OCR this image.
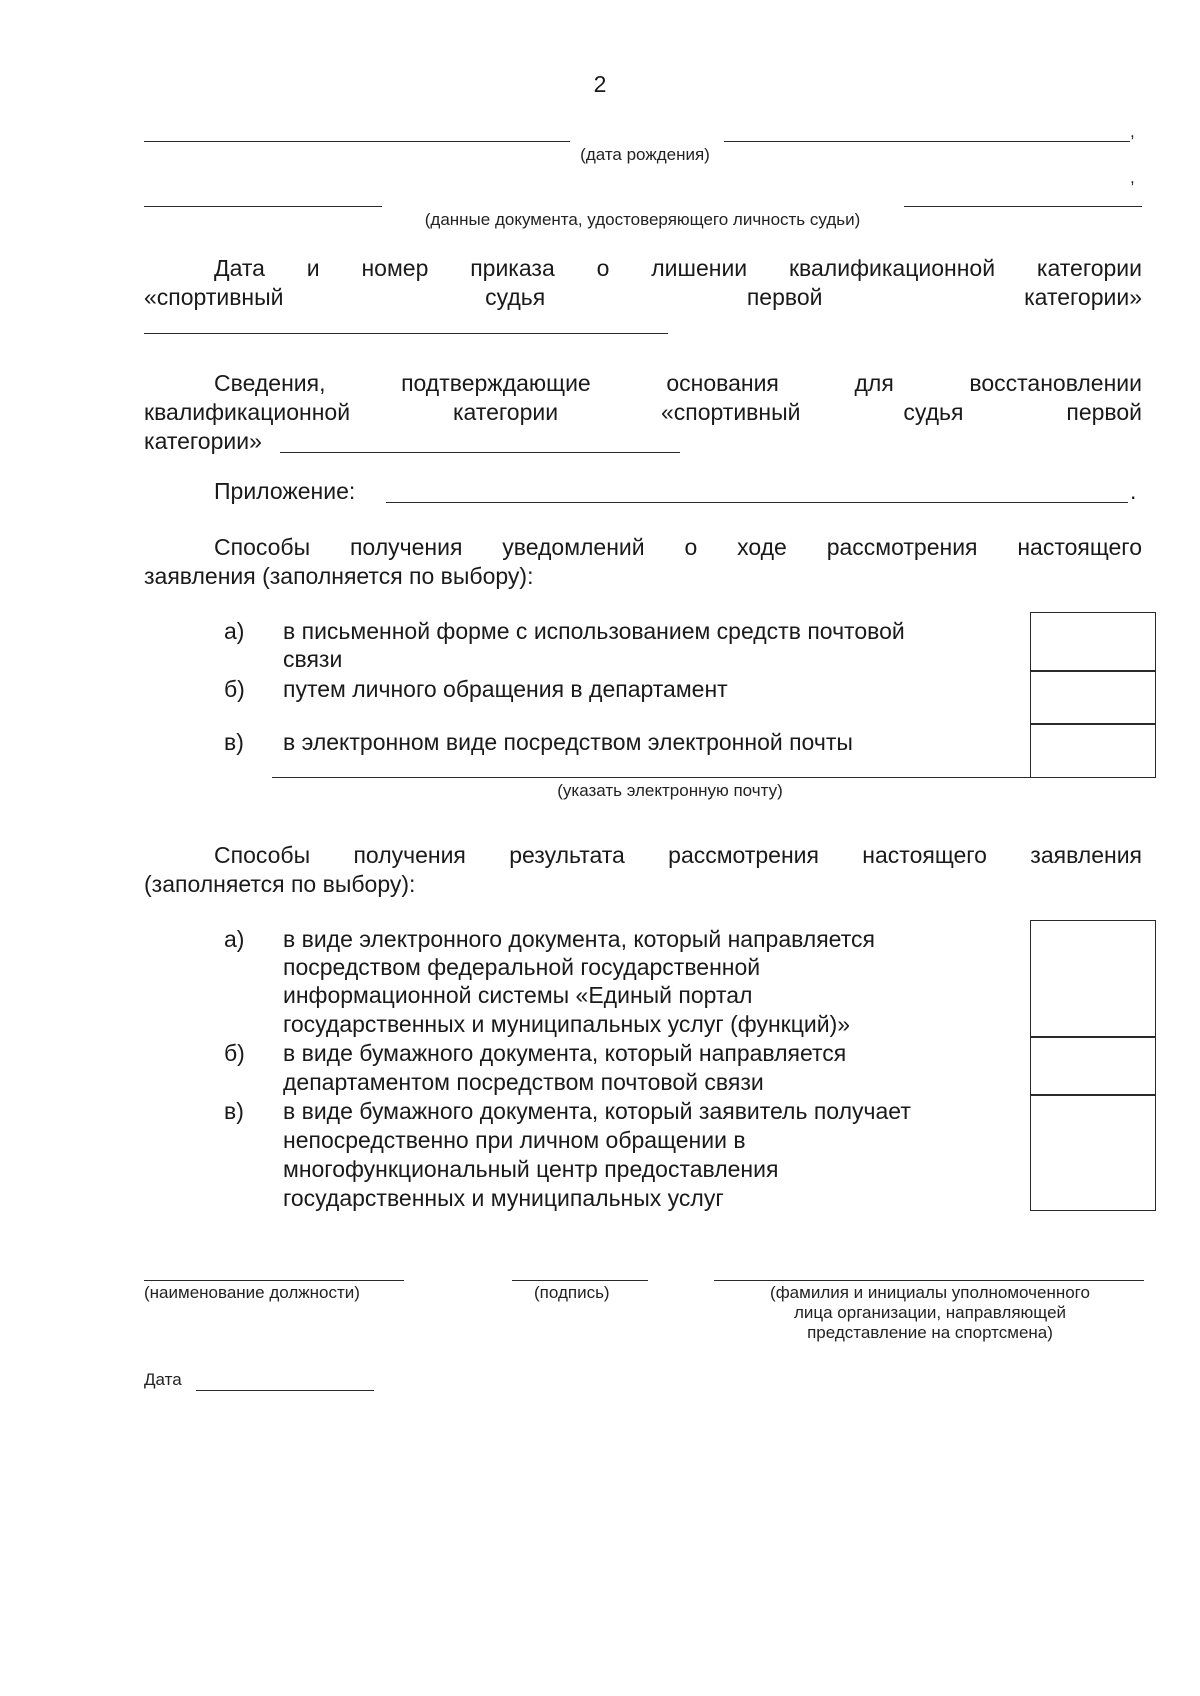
2
,
(дата рождения)
,
(данные документа, удостоверяющего личность судьи)
Дата и номер приказа о лишении квалификационной категории
«спортивный судья первой категории»
Сведения, подтверждающие основания для восстановлении
квалификационной категории «спортивный судья первой
категории»
Приложение:	.
Способы получения уведомлений о ходе рассмотрения настоящего
заявления (заполняется по выбору):
а) в письменной форме с использованием средств почтовой
связи
б) путем личного обращения в департамент
в) в электронном виде посредством электронной почты
(указать электронную почту)
Способы получения результата рассмотрения настоящего заявления
(заполняется по выбору):
а) в виде электронного документа, который направляется
посредством федеральной государственной
информационной системы «Единый портал
государственных и муниципальных услуг (функций)»
б) в виде бумажного документа, который направляется
департаментом посредством почтовой связи
в) в виде бумажного документа, который заявитель получает
непосредственно при личном обращении в
многофункциональный центр предоставления
государственных и муниципальных услуг
(наименование должности)	(подпись)	(фамилия и инициалы уполномоченного
лица организации, направляющей
представление на спортсмена)
Дата
